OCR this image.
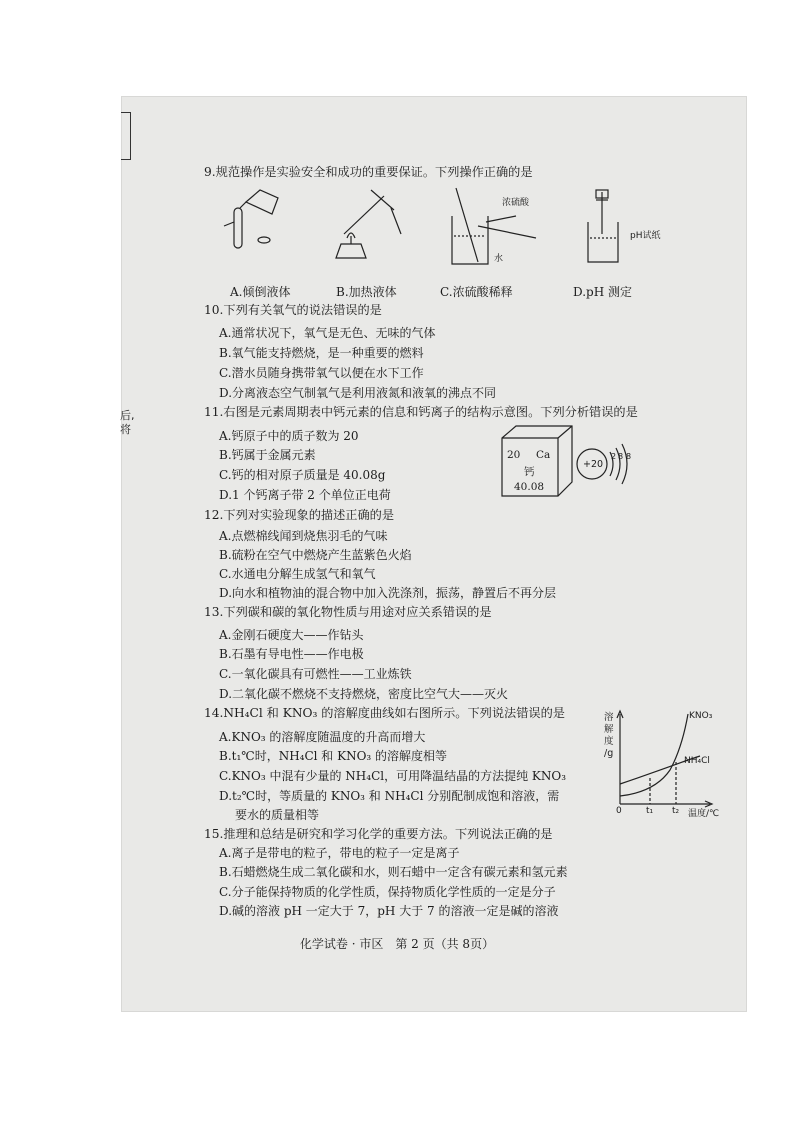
后,
将
9.规范操作是实验安全和成功的重要保证。下列操作正确的是
浓硫酸
水
pH试纸
A.倾倒液体	B.加热液体	C.浓硫酸稀释	D.pH 测定
10.下列有关氧气的说法错误的是
A.通常状况下，氧气是无色、无味的气体
B.氧气能支持燃烧，是一种重要的燃料
C.潜水员随身携带氧气以便在水下工作
D.分离液态空气制氧气是利用液氮和液氧的沸点不同
11.右图是元素周期表中钙元素的信息和钙离子的结构示意图。下列分析错误的是
A.钙原子中的质子数为 20
B.钙属于金属元素
C.钙的相对原子质量是 40.08g
D.1 个钙离子带 2 个单位正电荷
20 Ca
钙
40.08
+20
2 8 8
12.下列对实验现象的描述正确的是
A.点燃棉线闻到烧焦羽毛的气味
B.硫粉在空气中燃烧产生蓝紫色火焰
C.水通电分解生成氢气和氧气
D.向水和植物油的混合物中加入洗涤剂，振荡，静置后不再分层
13.下列碳和碳的氧化物性质与用途对应关系错误的是
A.金刚石硬度大——作钻头
B.石墨有导电性——作电极
C.一氧化碳具有可燃性——工业炼铁
D.二氧化碳不燃烧不支持燃烧，密度比空气大——灭火
14.NH₄Cl 和 KNO₃ 的溶解度曲线如右图所示。下列说法错误的是
A.KNO₃ 的溶解度随温度的升高而增大
B.t₁℃时，NH₄Cl 和 KNO₃ 的溶解度相等
C.KNO₃ 中混有少量的 NH₄Cl，可用降温结晶的方法提纯 KNO₃
D.t₂℃时，等质量的 KNO₃ 和 NH₄Cl 分别配制成饱和溶液，需
要水的质量相等
溶
解
度
/g
KNO₃
NH₄Cl
0	t₁ t₂ 温度/℃
15.推理和总结是研究和学习化学的重要方法。下列说法正确的是
A.离子是带电的粒子，带电的粒子一定是离子
B.石蜡燃烧生成二氧化碳和水，则石蜡中一定含有碳元素和氢元素
C.分子能保持物质的化学性质，保持物质化学性质的一定是分子
D.碱的溶液 pH 一定大于 7，pH 大于 7 的溶液一定是碱的溶液
化学试卷 · 市区　第 2 页（共 8页）
